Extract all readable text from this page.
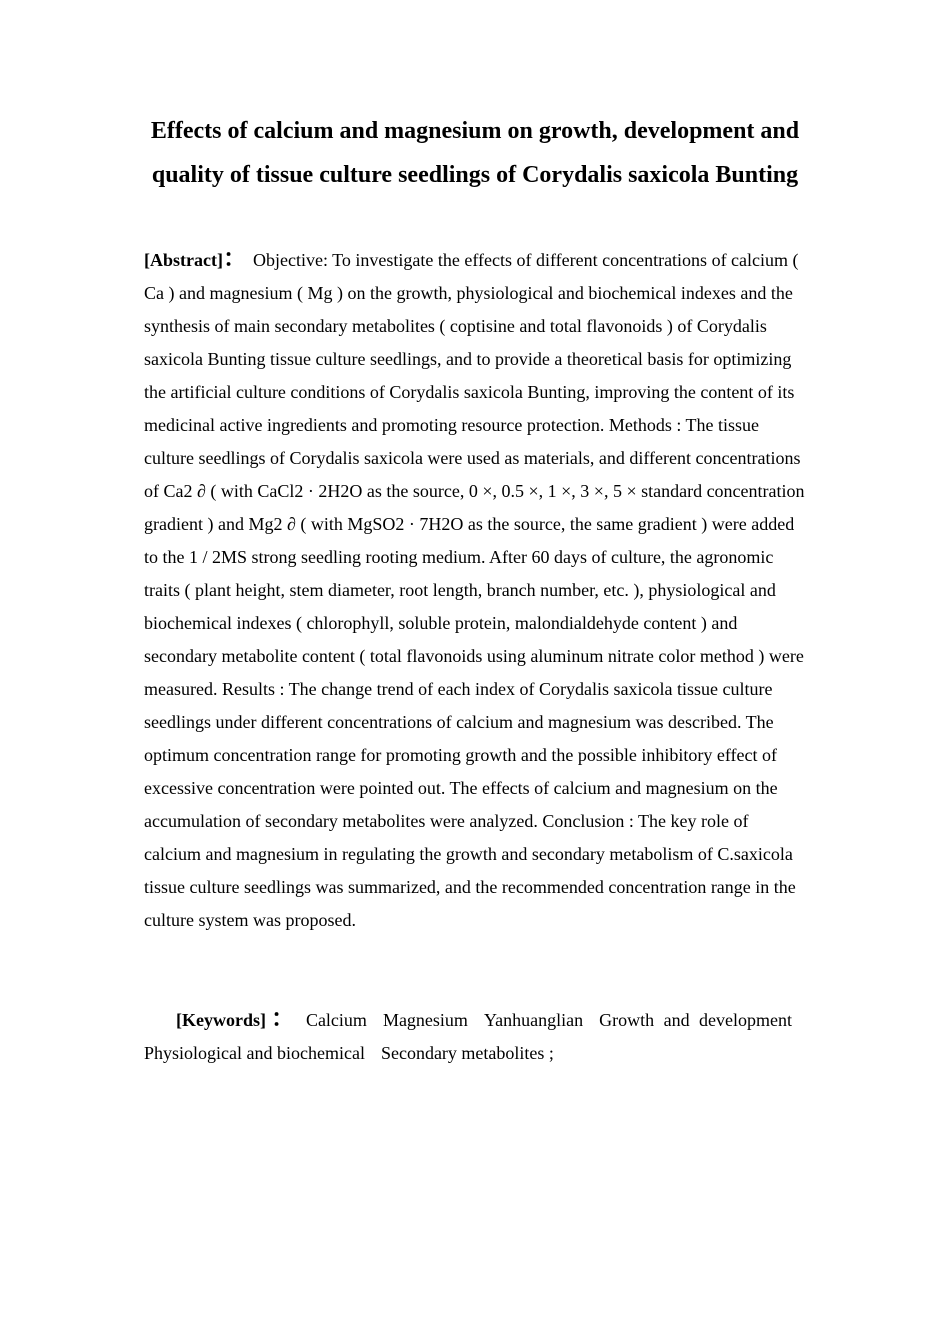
Effects of calcium and magnesium on growth, development and quality of tissue culture seedlings of Corydalis saxicola Bunting

[Abstract]： Objective: To investigate the effects of different concentrations of calcium ( Ca ) and magnesium ( Mg ) on the growth, physiological and biochemical indexes and the synthesis of main secondary metabolites ( coptisine and total flavonoids ) of Corydalis saxicola Bunting tissue culture seedlings, and to provide a theoretical basis for optimizing the artificial culture conditions of Corydalis saxicola Bunting, improving the content of its medicinal active ingredients and promoting resource protection. Methods : The tissue culture seedlings of Corydalis saxicola were used as materials, and different concentrations of Ca2 ∂ ( with CaCl2 · 2H2O as the source, 0 ×, 0.5 ×, 1 ×, 3 ×, 5 × standard concentration gradient ) and Mg2 ∂ ( with MgSO2 · 7H2O as the source, the same gradient ) were added to the 1 / 2MS strong seedling rooting medium. After 60 days of culture, the agronomic traits ( plant height, stem diameter, root length, branch number, etc. ), physiological and biochemical indexes ( chlorophyll, soluble protein, malondialdehyde content ) and secondary metabolite content ( total flavonoids using aluminum nitrate color method ) were measured. Results : The change trend of each index of Corydalis saxicola tissue culture seedlings under different concentrations of calcium and magnesium was described. The optimum concentration range for promoting growth and the possible inhibitory effect of excessive concentration were pointed out. The effects of calcium and magnesium on the accumulation of secondary metabolites were analyzed. Conclusion : The key role of calcium and magnesium in regulating the growth and secondary metabolism of C.saxicola tissue culture seedlings was summarized, and the recommended concentration range in the culture system was proposed.

[Keywords]： Calcium Magnesium Yanhuanglian Growth and development Physiological and biochemical Secondary metabolites ;
